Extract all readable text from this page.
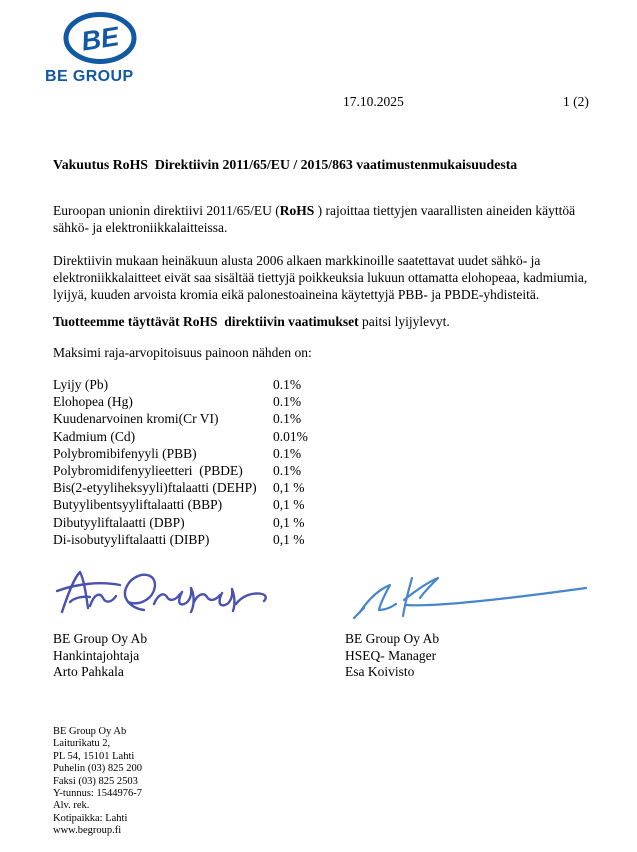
BE
BE GROUP
17.10.2025	1 (2)
Vakuutus RoHS  Direktiivin 2011/65/EU / 2015/863 vaatimustenmukaisuudesta
Euroopan unionin direktiivi 2011/65/EU (RoHS ) rajoittaa tiettyjen vaarallisten aineiden käyttöä sähkö- ja elektroniikkalaitteissa.
Direktiivin mukaan heinäkuun alusta 2006 alkaen markkinoille saatettavat uudet sähkö- ja elektroniikkalaitteet eivät saa sisältää tiettyjä poikkeuksia lukuun ottamatta elohopeaa, kadmiumia, lyijyä, kuuden arvoista kromia eikä palonestoaineina käytettyjä PBB- ja PBDE-yhdisteitä.
Tuotteemme täyttävät RoHS  direktiivin vaatimukset paitsi lyijylevyt.
Maksimi raja-arvopitoisuus painoon nähden on:
Lyijy (Pb)	0.1%
Elohopea (Hg)	0.1%
Kuudenarvoinen kromi(Cr VI)	0.1%
Kadmium (Cd)	0.01%
Polybromibifenyyli (PBB)	0.1%
Polybromidifenyylieetteri  (PBDE)	0.1%
Bis(2-etyyliheksyyli)ftalaatti (DEHP)	0,1 %
Butyylibentsyyliftalaatti (BBP)	0,1 %
Dibutyyliftalaatti (DBP)	0,1 %
Di-isobutyyliftalaatti (DIBP)	0,1 %
BE Group Oy Ab
Hankintajohtaja
Arto Pahkala
BE Group Oy Ab
HSEQ- Manager
Esa Koivisto
BE Group Oy Ab
Laiturikatu 2,
PL 54, 15101 Lahti
Puhelin (03) 825 200
Faksi (03) 825 2503
Y-tunnus: 1544976-7
Alv. rek.
Kotipaikka: Lahti
www.begroup.fi
